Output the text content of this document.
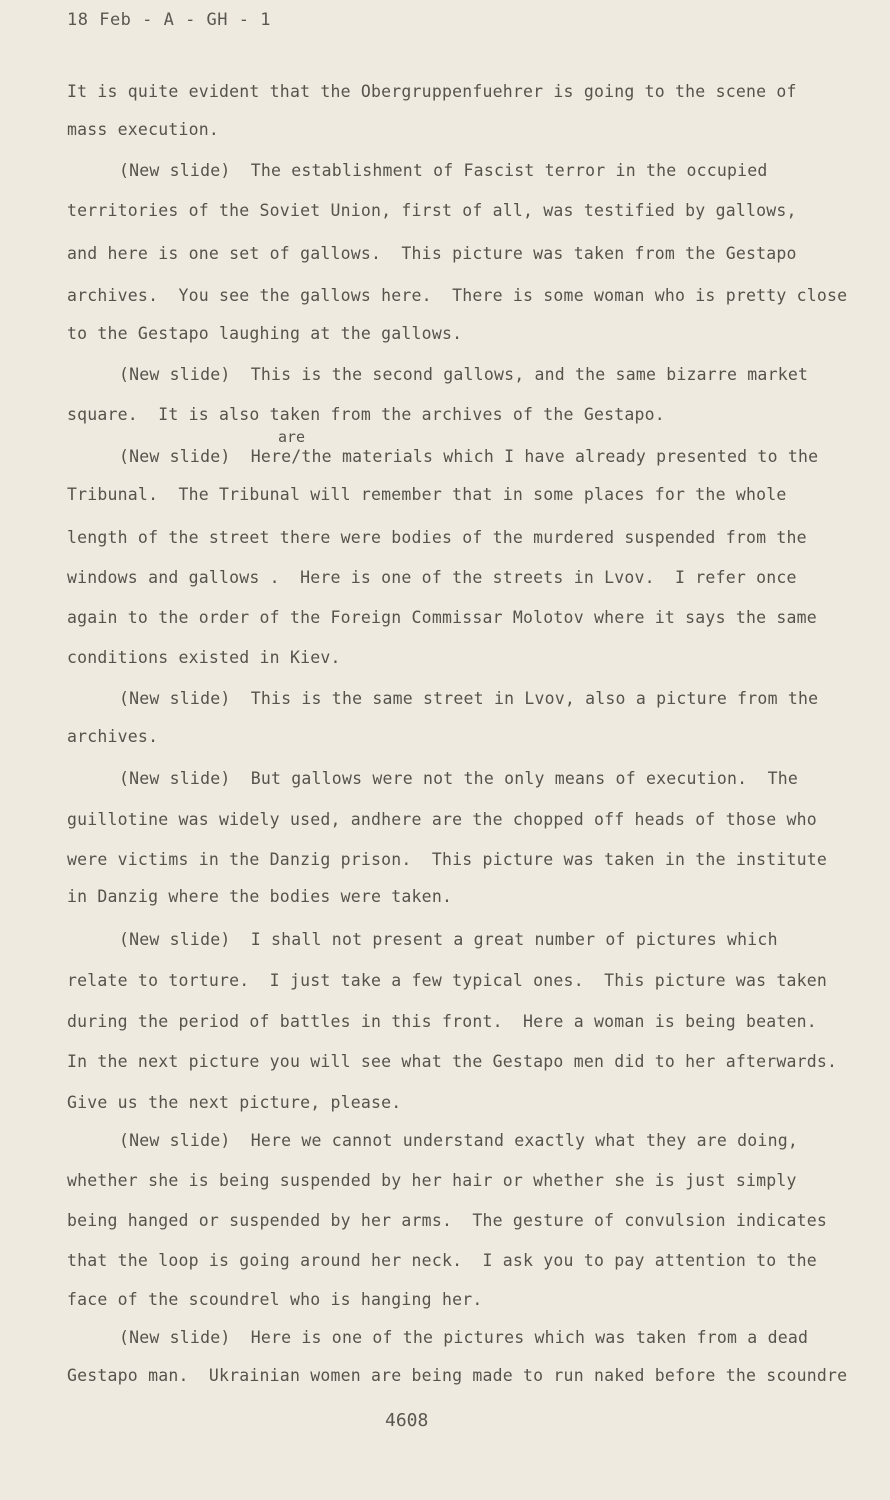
18 Feb - A - GH - 1
It is quite evident that the Obergruppenfuehrer is going to the scene of
mass execution.
(New slide)  The establishment of Fascist terror in the occupied
territories of the Soviet Union, first of all, was testified by gallows,
and here is one set of gallows.  This picture was taken from the Gestapo
archives.  You see the gallows here.  There is some woman who is pretty close
to the Gestapo laughing at the gallows.
(New slide)  This is the second gallows, and the same bizarre market
square.  It is also taken from the archives of the Gestapo.
are
(New slide)  Here/the materials which I have already presented to the
Tribunal.  The Tribunal will remember that in some places for the whole
length of the street there were bodies of the murdered suspended from the
windows and gallows .  Here is one of the streets in Lvov.  I refer once
again to the order of the Foreign Commissar Molotov where it says the same
conditions existed in Kiev.
(New slide)  This is the same street in Lvov, also a picture from the
archives.
(New slide)  But gallows were not the only means of execution.  The
guillotine was widely used, andhere are the chopped off heads of those who
were victims in the Danzig prison.  This picture was taken in the institute
in Danzig where the bodies were taken.
(New slide)  I shall not present a great number of pictures which
relate to torture.  I just take a few typical ones.  This picture was taken
during the period of battles in this front.  Here a woman is being beaten.
In the next picture you will see what the Gestapo men did to her afterwards.
Give us the next picture, please.
(New slide)  Here we cannot understand exactly what they are doing,
whether she is being suspended by her hair or whether she is just simply
being hanged or suspended by her arms.  The gesture of convulsion indicates
that the loop is going around her neck.  I ask you to pay attention to the
face of the scoundrel who is hanging her.
(New slide)  Here is one of the pictures which was taken from a dead
Gestapo man.  Ukrainian women are being made to run naked before the scoundre
4608
